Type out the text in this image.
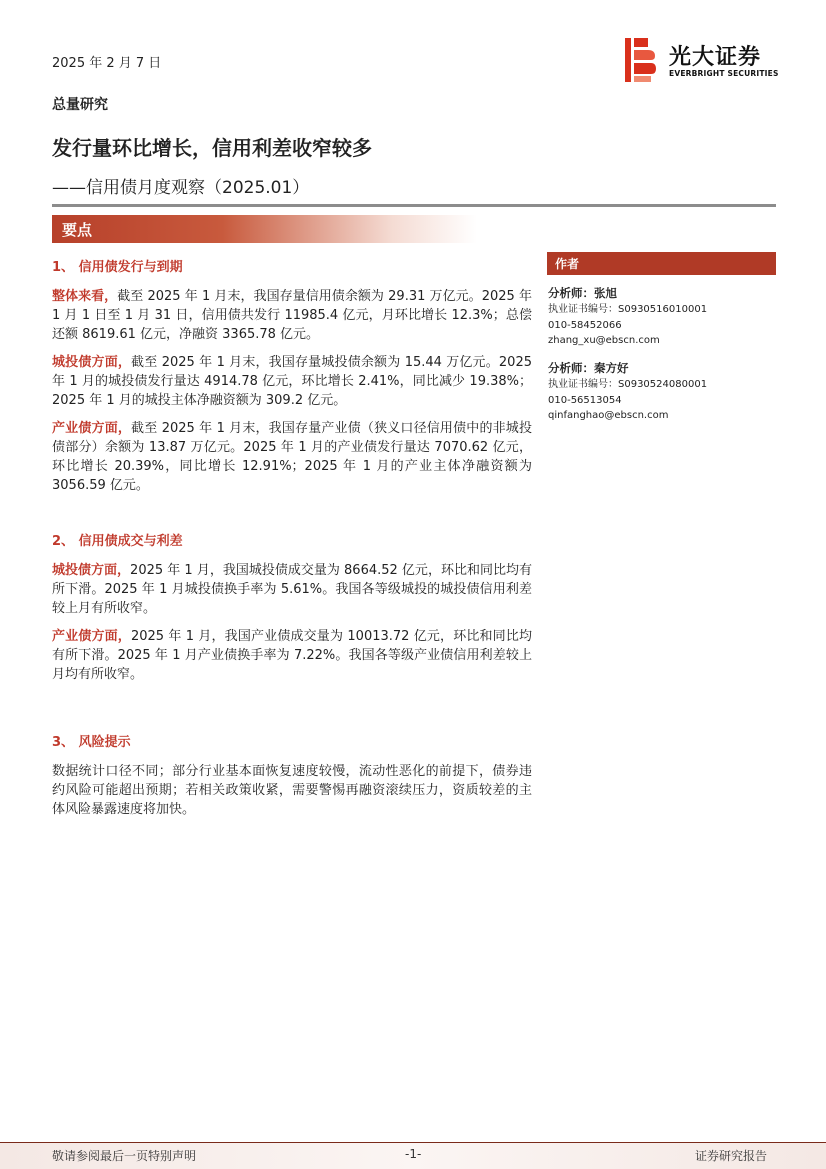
2025 年 2 月 7 日	光大证券
EVERBRIGHT SECURITIES
总量研究
发行量环比增长，信用利差收窄较多
——信用债月度观察（2025.01）
要点
1、 信用债发行与到期

整体来看，截至 2025 年 1 月末，我国存量信用债余额为 29.31 万亿元。2025 年 1 月 1 日至 1 月 31 日，信用债共发行 11985.4 亿元，月环比增长 12.3%；总偿还额 8619.61 亿元，净融资 3365.78 亿元。

城投债方面，截至 2025 年 1 月末，我国存量城投债余额为 15.44 万亿元。2025 年 1 月的城投债发行量达 4914.78 亿元，环比增长 2.41%，同比减少 19.38%；2025 年 1 月的城投主体净融资额为 309.2 亿元。

产业债方面，截至 2025 年 1 月末，我国存量产业债（狭义口径信用债中的非城投债部分）余额为 13.87 万亿元。2025 年 1 月的产业债发行量达 7070.62 亿元，环比增长 20.39%，同比增长 12.91%；2025 年 1 月的产业主体净融资额为 3056.59 亿元。

2、 信用债成交与利差

城投债方面，2025 年 1 月，我国城投债成交量为 8664.52 亿元，环比和同比均有所下滑。2025 年 1 月城投债换手率为 5.61%。我国各等级城投的城投债信用利差较上月有所收窄。

产业债方面，2025 年 1 月，我国产业债成交量为 10013.72 亿元，环比和同比均有所下滑。2025 年 1 月产业债换手率为 7.22%。我国各等级产业债信用利差较上月均有所收窄。

3、 风险提示

数据统计口径不同；部分行业基本面恢复速度较慢，流动性恶化的前提下，债券违约风险可能超出预期；若相关政策收紧，需要警惕再融资滚续压力，资质较差的主体风险暴露速度将加快。

作者
分析师：张旭
执业证书编号：S0930516010001
010-58452066
zhang_xu@ebscn.com
分析师：秦方好
执业证书编号：S0930524080001
010-56513054
qinfanghao@ebscn.com
敬请参阅最后一页特别声明	-1-	证券研究报告
